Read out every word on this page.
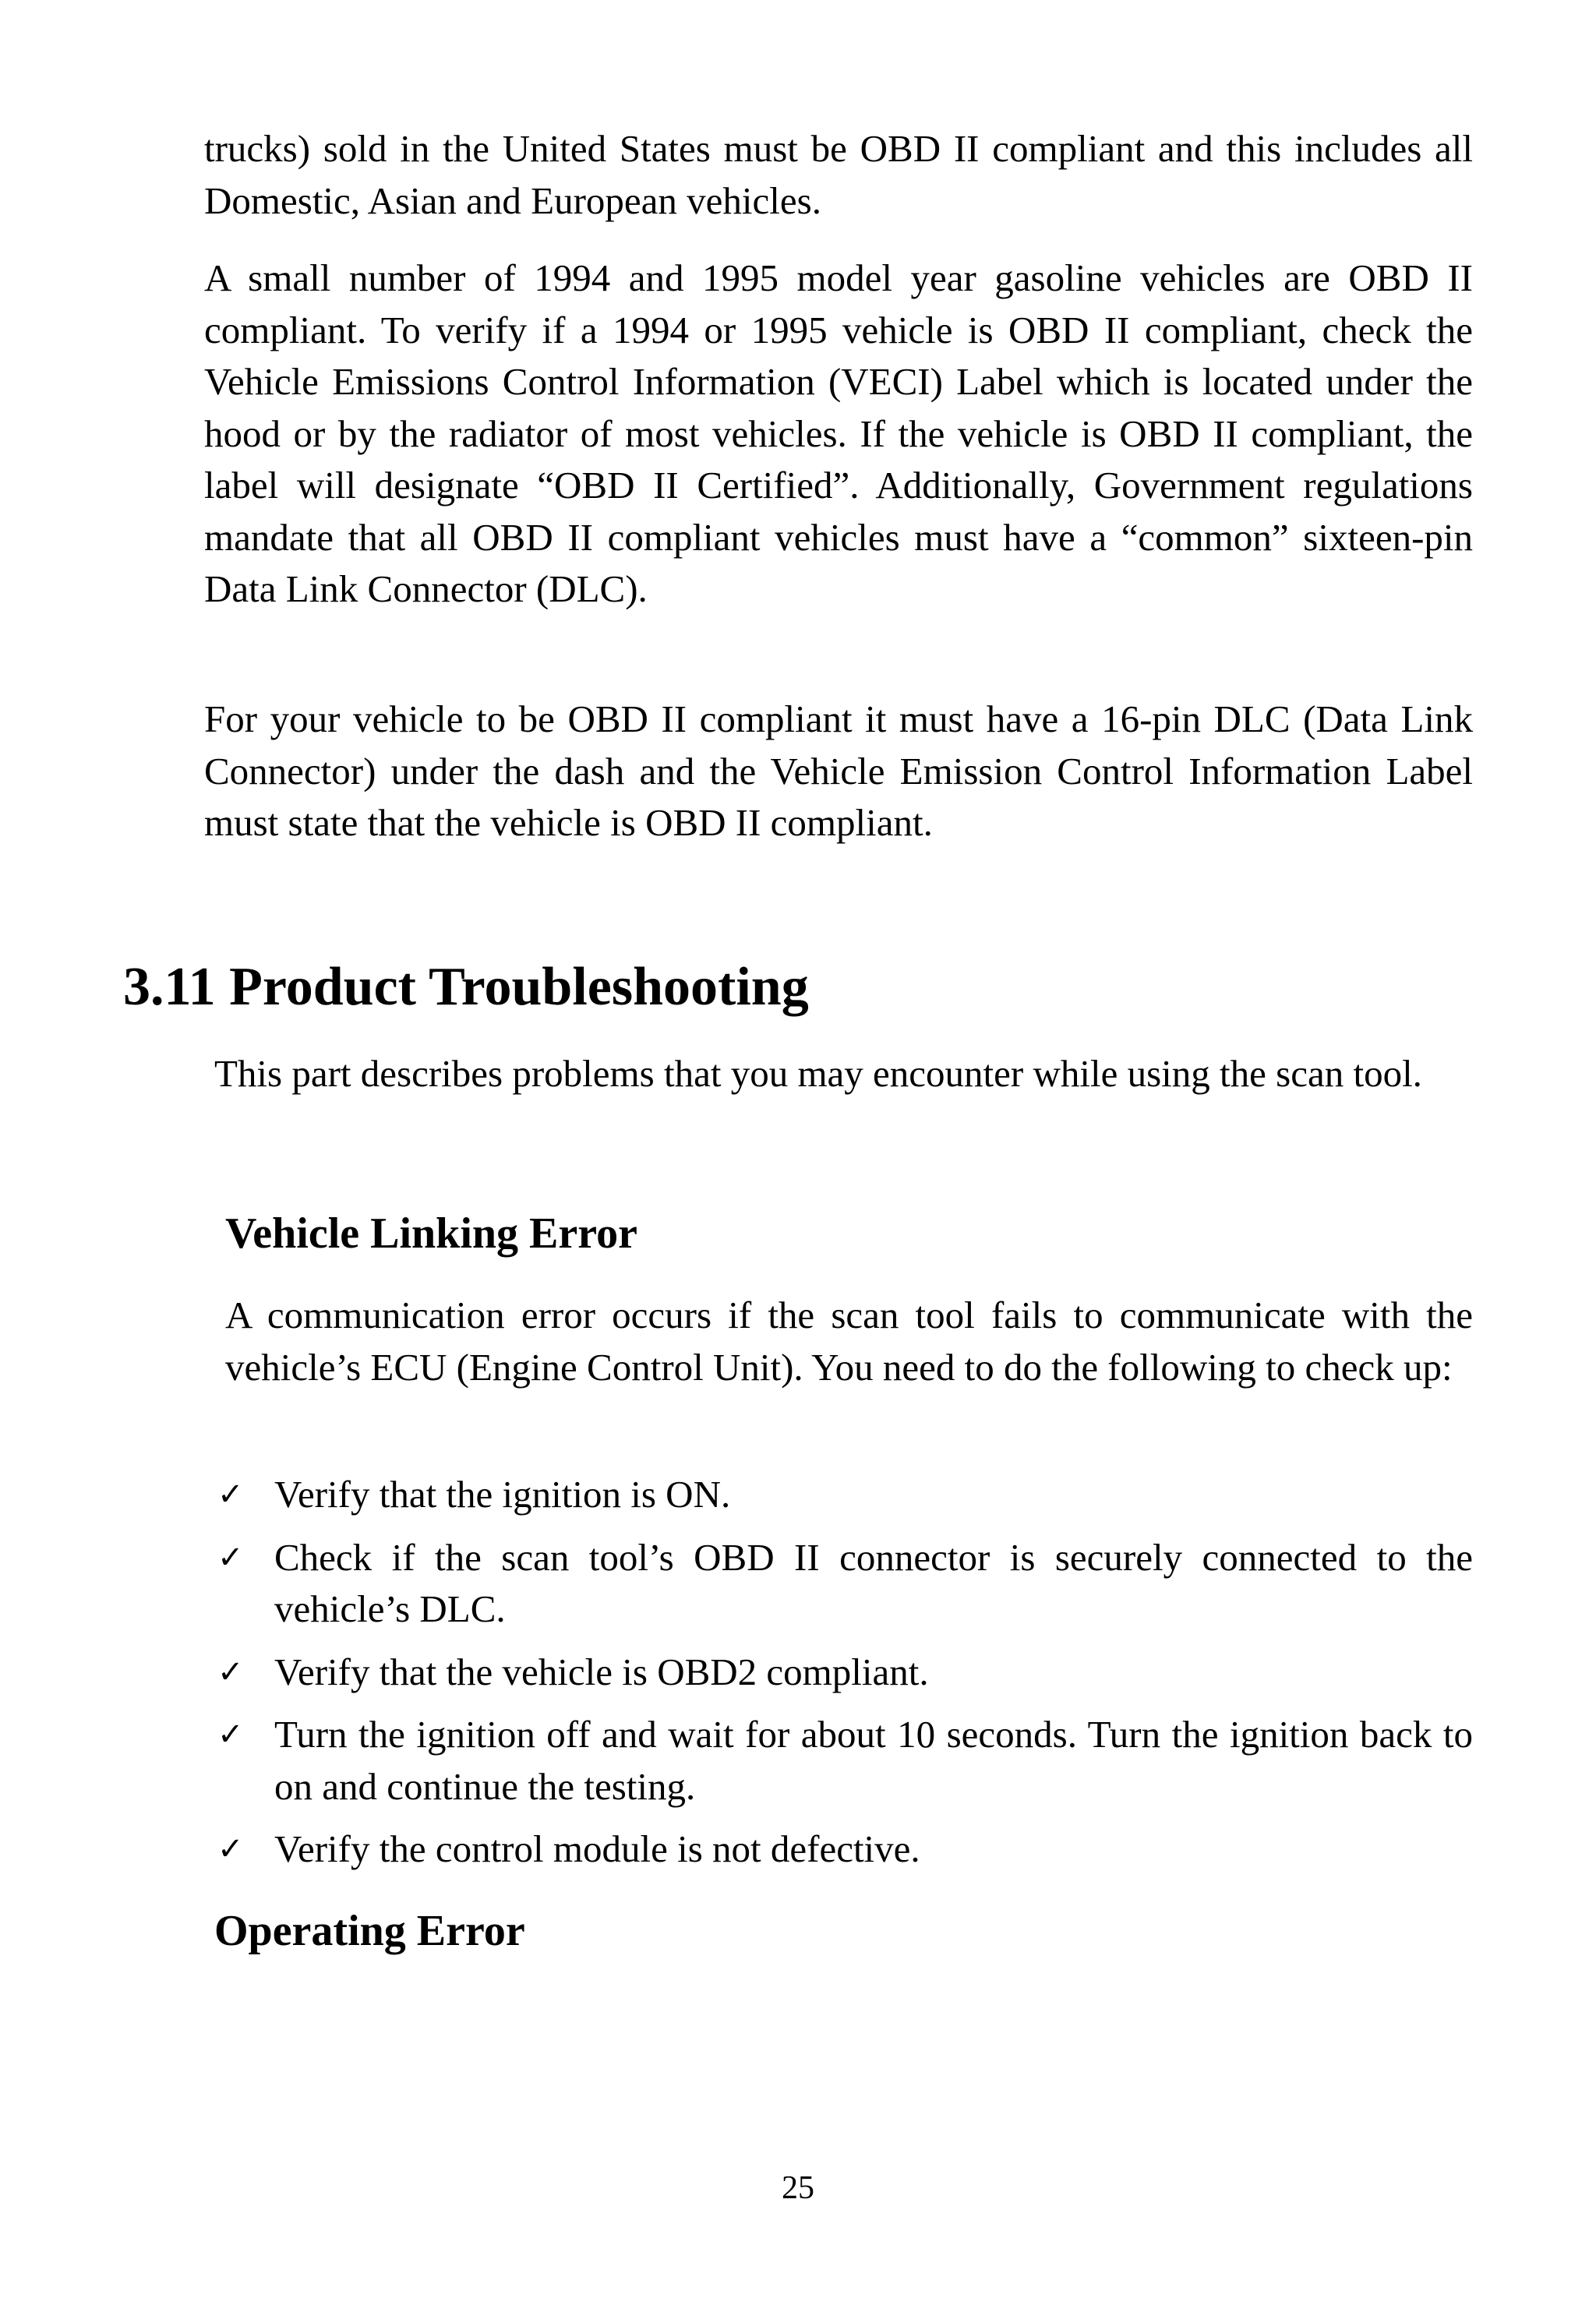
trucks) sold in the United States must be OBD II compliant and this includes all Domestic, Asian and European vehicles.

A small number of 1994 and 1995 model year gasoline vehicles are OBD II compliant. To verify if a 1994 or 1995 vehicle is OBD II compliant, check the Vehicle Emissions Control Information (VECI) Label which is located under the hood or by the radiator of most vehicles. If the vehicle is OBD II compliant, the label will designate “OBD II Certified”. Additionally, Government regulations mandate that all OBD II compliant vehicles must have a “common” sixteen-pin Data Link Connector (DLC).

For your vehicle to be OBD II compliant it must have a 16-pin DLC (Data Link Connector) under the dash and the Vehicle Emission Control Information Label must state that the vehicle is OBD II compliant.

3.11 Product Troubleshooting

This part describes problems that you may encounter while using the scan tool.

Vehicle Linking Error

A communication error occurs if the scan tool fails to communicate with the vehicle’s ECU (Engine Control Unit). You need to do the following to check up:

✓ Verify that the ignition is ON.
✓ Check if the scan tool’s OBD II connector is securely connected to the vehicle’s DLC.
✓ Verify that the vehicle is OBD2 compliant.
✓ Turn the ignition off and wait for about 10 seconds. Turn the ignition back to on and continue the testing.
✓ Verify the control module is not defective.
Operating Error
25
